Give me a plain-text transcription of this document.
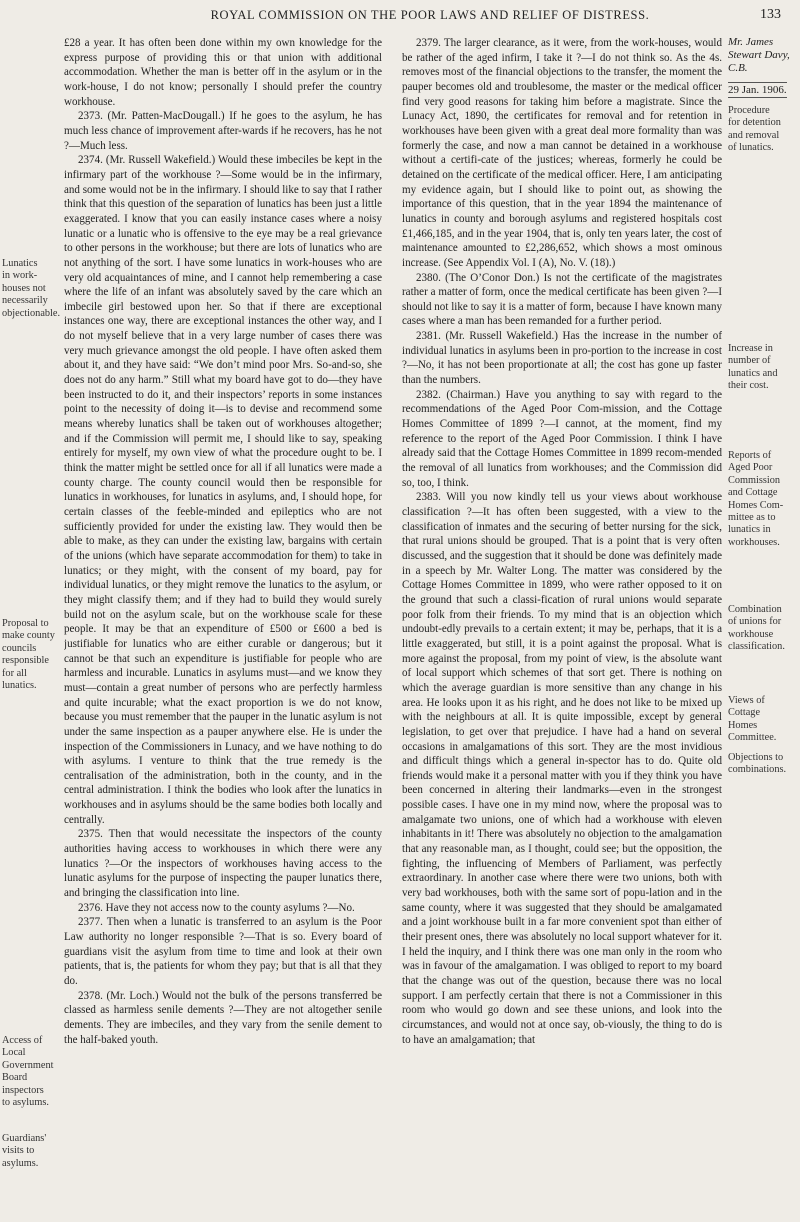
ROYAL COMMISSION ON THE POOR LAWS AND RELIEF OF DISTRESS.	133
Mr. James Stewart Davy, C.B.
29 Jan. 1906.
Lunatics
in work-
houses not
necessarily
objectionable.
Proposal to
make county
councils
responsible
for all
lunatics.
Access of
Local
Government
Board
inspectors
to asylums.
Guardians'
visits to
asylums.
Procedure
for detention
and removal
of lunatics.
Increase in
number of
lunatics and
their cost.
Reports of
Aged Poor
Commission
and Cottage
Homes Com-
mittee as to
lunatics in
workhouses.
Combination
of unions for
workhouse
classification.
Views of
Cottage
Homes
Committee.
Objections to
combinations.

£28 a year. It has often been done within my own knowledge for the express purpose of providing this or that union with additional accommodation. Whether the man is better off in the asylum or in the work-house, I do not know; personally I should prefer the country workhouse.

2373. (Mr. Patten-MacDougall.) If he goes to the asylum, he has much less chance of improvement after-wards if he recovers, has he not ?—Much less.

2374. (Mr. Russell Wakefield.) Would these imbeciles be kept in the infirmary part of the workhouse ?—Some would be in the infirmary, and some would not be in the infirmary. I should like to say that I rather think that this question of the separation of lunatics has been just a little exaggerated. I know that you can easily instance cases where a noisy lunatic or a lunatic who is offensive to the eye may be a real grievance to other persons in the workhouse; but there are lots of lunatics who are not anything of the sort. I have some lunatics in work-houses who are very old acquaintances of mine, and I cannot help remembering a case where the life of an infant was absolutely saved by the care which an imbecile girl bestowed upon her. So that if there are exceptional instances one way, there are exceptional instances the other way, and I do not myself believe that in a very large number of cases there was very much grievance amongst the old people. I have often asked them about it, and they have said: “We don’t mind poor Mrs. So-and-so, she does not do any harm.” Still what my board have got to do—they have been instructed to do it, and their inspectors’ reports in some instances point to the necessity of doing it—is to devise and recommend some means whereby lunatics shall be taken out of workhouses altogether; and if the Commission will permit me, I should like to say, speaking entirely for myself, my own view of what the procedure ought to be. I think the matter might be settled once for all if all lunatics were made a county charge. The county council would then be responsible for lunatics in workhouses, for lunatics in asylums, and, I should hope, for certain classes of the feeble-minded and epileptics who are not sufficiently provided for under the existing law. They would then be able to make, as they can under the existing law, bargains with certain of the unions (which have separate accommodation for them) to take in lunatics; or they might, with the consent of my board, pay for individual lunatics, or they might remove the lunatics to the asylum, or they might classify them; and if they had to build they would surely build not on the asylum scale, but on the workhouse scale for these people. It may be that an expenditure of £500 or £600 a bed is justifiable for lunatics who are either curable or dangerous; but it cannot be that such an expenditure is justifiable for people who are harmless and incurable. Lunatics in asylums must—and we know they must—contain a great number of persons who are perfectly harmless and quite incurable; what the exact proportion is we do not know, because you must remember that the pauper in the lunatic asylum is not under the same inspection as a pauper anywhere else. He is under the inspection of the Commissioners in Lunacy, and we have nothing to do with asylums. I venture to think that the true remedy is the centralisation of the administration, both in the county, and in the central administration. I think the bodies who look after the lunatics in workhouses and in asylums should be the same bodies both locally and centrally.

2375. Then that would necessitate the inspectors of the county authorities having access to workhouses in which there were any lunatics ?—Or the inspectors of workhouses having access to the lunatic asylums for the purpose of inspecting the pauper lunatics there, and bringing the classification into line.

2376. Have they not access now to the county asylums ?—No.

2377. Then when a lunatic is transferred to an asylum is the Poor Law authority no longer responsible ?—That is so. Every board of guardians visit the asylum from time to time and look at their own patients, that is, the patients for whom they pay; but that is all that they do.

2378. (Mr. Loch.) Would not the bulk of the persons transferred be classed as harmless senile dements ?—They are not altogether senile dements. They are imbeciles, and they vary from the senile dement to the half-baked youth.

2379. The larger clearance, as it were, from the work-houses, would be rather of the aged infirm, I take it ?—I do not think so. As the 4s. removes most of the financial objections to the transfer, the moment the pauper becomes old and troublesome, the master or the medical officer find very good reasons for taking him before a magistrate. Since the Lunacy Act, 1890, the certificates for removal and for retention in workhouses have been given with a great deal more formality than was formerly the case, and now a man cannot be detained in a workhouse without a certifi-cate of the justices; whereas, formerly he could be detained on the certificate of the medical officer. Here, I am anticipating my evidence again, but I should like to point out, as showing the importance of this question, that in the year 1894 the maintenance of lunatics in county and borough asylums and registered hospitals cost £1,466,185, and in the year 1904, that is, only ten years later, the cost of maintenance amounted to £2,286,652, which shows a most ominous increase. (See Appendix Vol. I (A), No. V. (18).)

2380. (The O’Conor Don.) Is not the certificate of the magistrates rather a matter of form, once the medical certificate has been given ?—I should not like to say it is a matter of form, because I have known many cases where a man has been remanded for a further period.

2381. (Mr. Russell Wakefield.) Has the increase in the number of individual lunatics in asylums been in pro-portion to the increase in cost ?—No, it has not been proportionate at all; the cost has gone up faster than the numbers.

2382. (Chairman.) Have you anything to say with regard to the recommendations of the Aged Poor Com-mission, and the Cottage Homes Committee of 1899 ?—I cannot, at the moment, find my reference to the report of the Aged Poor Commission. I think I have already said that the Cottage Homes Committee in 1899 recom-mended the removal of all lunatics from workhouses; and the Commission did so, too, I think.

2383. Will you now kindly tell us your views about workhouse classification ?—It has often been suggested, with a view to the classification of inmates and the securing of better nursing for the sick, that rural unions should be grouped. That is a point that is very often discussed, and the suggestion that it should be done was definitely made in a speech by Mr. Walter Long. The matter was considered by the Cottage Homes Committee in 1899, who were rather opposed to it on the ground that such a classi-fication of rural unions would separate poor folk from their friends. To my mind that is an objection which undoubt-edly prevails to a certain extent; it may be, perhaps, that it is a little exaggerated, but still, it is a point against the proposal. What is more against the proposal, from my point of view, is the absolute want of local support which schemes of that sort get. There is nothing on which the average guardian is more sensitive than any change in his area. He looks upon it as his right, and he does not like to be mixed up with the neighbours at all. It is quite impossible, except by general legislation, to get over that prejudice. I have had a hand on several occasions in amalgamations of this sort. They are the most invidious and difficult things which a general in-spector has to do. Quite old friends would make it a personal matter with you if they think you have been concerned in altering their landmarks—even in the strongest possible cases. I have one in my mind now, where the proposal was to amalgamate two unions, one of which had a workhouse with eleven inhabitants in it! There was absolutely no objection to the amalgamation that any reasonable man, as I thought, could see; but the opposition, the fighting, the influencing of Members of Parliament, was perfectly extraordinary. In another case where there were two unions, both with very bad workhouses, both with the same sort of popu-lation and in the same county, where it was suggested that they should be amalgamated and a joint workhouse built in a far more convenient spot than either of their present ones, there was absolutely no local support whatever for it. I held the inquiry, and I think there was one man only in the room who was in favour of the amalgamation. I was obliged to report to my board that the change was out of the question, because there was no local support. I am perfectly certain that there is not a Commissioner in this room who would go down and see these unions, and look into the circumstances, and would not at once say, ob-viously, the thing to do is to have an amalgamation; that
